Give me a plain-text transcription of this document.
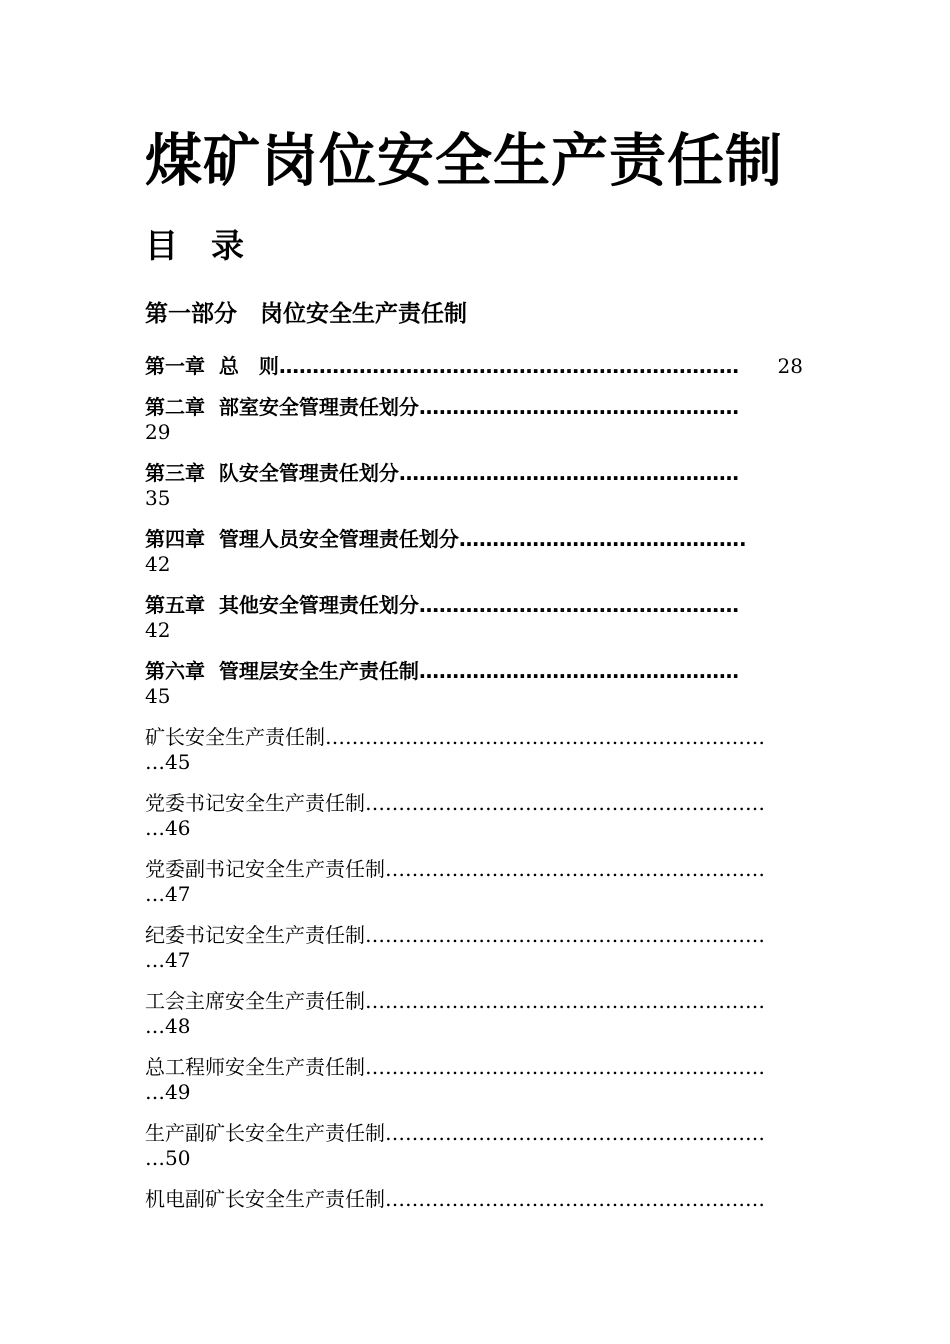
煤矿岗位安全生产责任制
目　录
第一部分　岗位安全生产责任制
第一章  总　则…………………………………………………………… 28
第二章  部室安全管理责任划分…………………………………………
29
第三章  队安全管理责任划分……………………………………………
35
第四章  管理人员安全管理责任划分…………………………………….
42
第五章  其他安全管理责任划分…………………………………………
42
第六章  管理层安全生产责任制…………………………………………
45
矿长安全生产责任制…………………………………………………………
…45
党委书记安全生产责任制……………………………………………………
…46
党委副书记安全生产责任制…………………………………………………
…47
纪委书记安全生产责任制……………………………………………………
…47
工会主席安全生产责任制……………………………………………………
…48
总工程师安全生产责任制……………………………………………………
…49
生产副矿长安全生产责任制…………………………………………………
…50
机电副矿长安全生产责任制…………………………………………………
